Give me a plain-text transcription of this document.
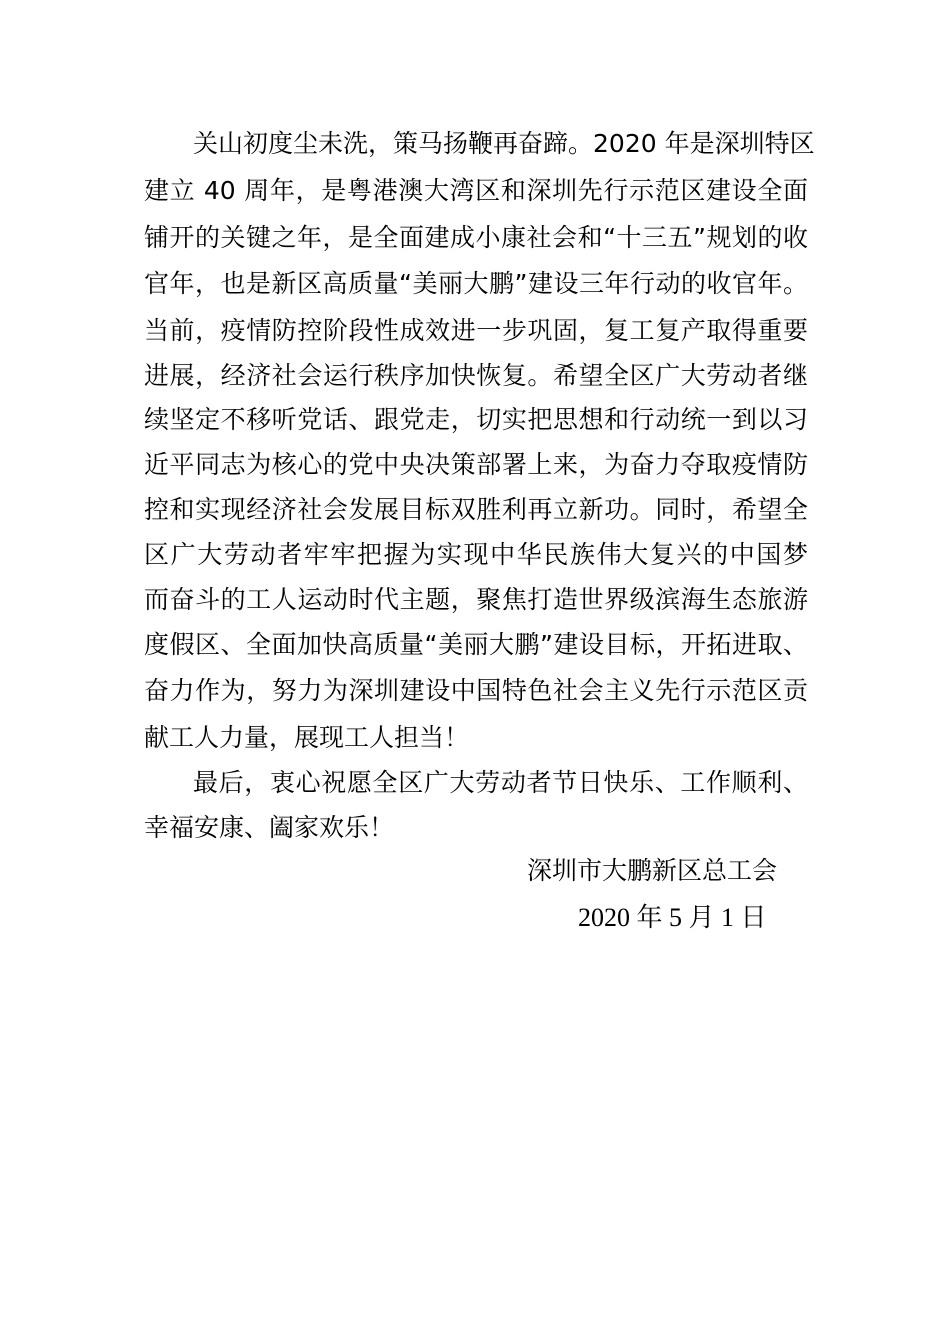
关山初度尘未洗，策马扬鞭再奋蹄。2020 年是深圳特区
建立 40 周年，是粤港澳大湾区和深圳先行示范区建设全面
铺开的关键之年，是全面建成小康社会和“十三五”规划的收
官年，也是新区高质量“美丽大鹏”建设三年行动的收官年。
当前，疫情防控阶段性成效进一步巩固，复工复产取得重要
进展，经济社会运行秩序加快恢复。希望全区广大劳动者继
续坚定不移听党话、跟党走，切实把思想和行动统一到以习
近平同志为核心的党中央决策部署上来，为奋力夺取疫情防
控和实现经济社会发展目标双胜利再立新功。同时，希望全
区广大劳动者牢牢把握为实现中华民族伟大复兴的中国梦
而奋斗的工人运动时代主题，聚焦打造世界级滨海生态旅游
度假区、全面加快高质量“美丽大鹏”建设目标，开拓进取、
奋力作为，努力为深圳建设中国特色社会主义先行示范区贡
献工人力量，展现工人担当！
最后，衷心祝愿全区广大劳动者节日快乐、工作顺利、
幸福安康、阖家欢乐！
深圳市大鹏新区总工会
2020 年 5 月 1 日
